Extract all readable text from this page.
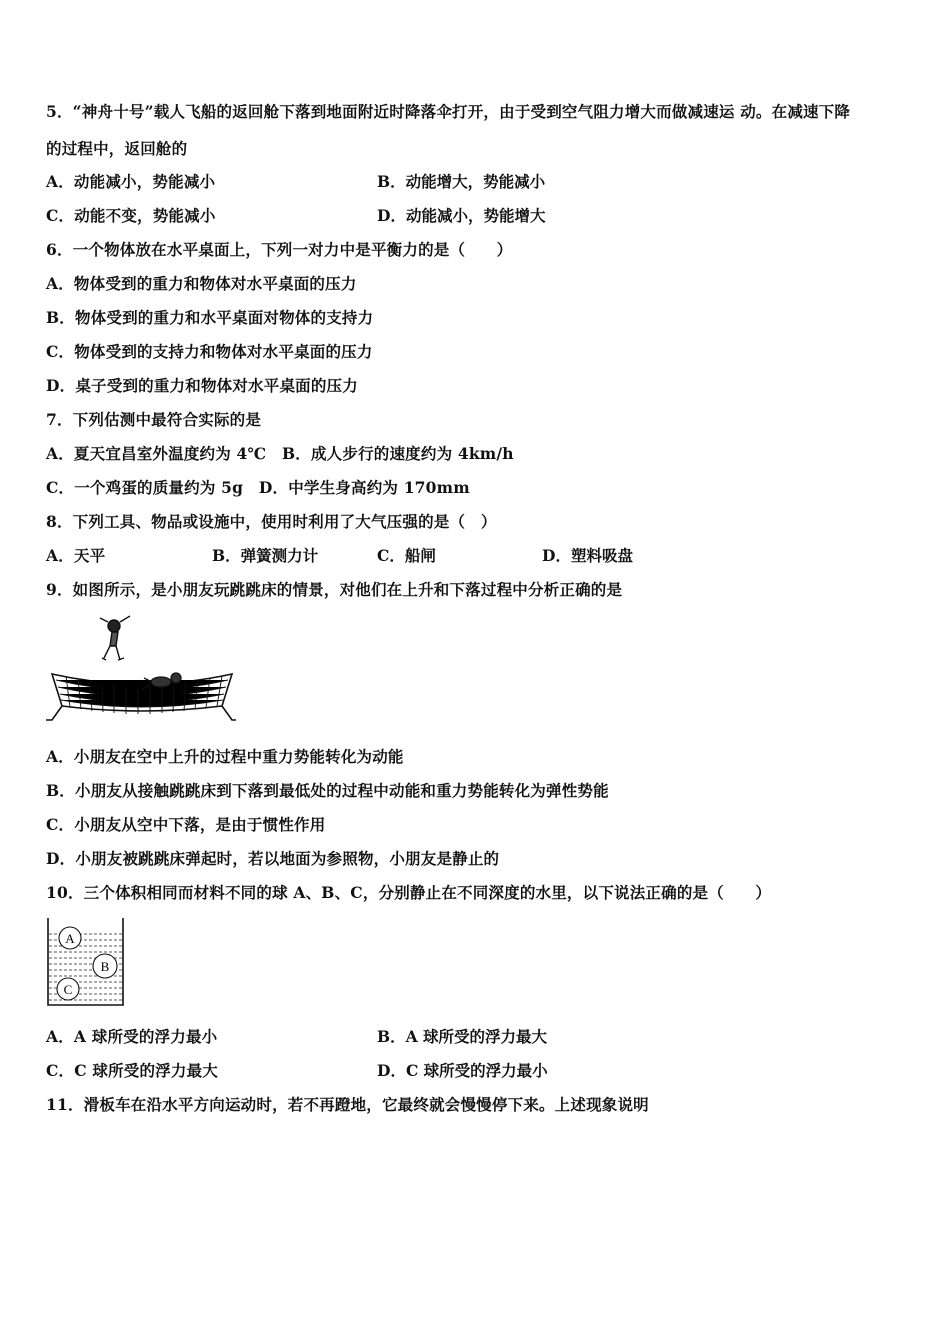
5．“神舟十号”载人飞船的返回舱下落到地面附近时降落伞打开，由于受到空气阻力增大而做减速运 动。在减速下降
的过程中，返回舱的
A．动能减小，势能减小	B．动能增大，势能减小
C．动能不变，势能减小	D．动能减小，势能增大
6．一个物体放在水平桌面上，下列一对力中是平衡力的是（　　）
A．物体受到的重力和物体对水平桌面的压力
B．物体受到的重力和水平桌面对物体的支持力
C．物体受到的支持力和物体对水平桌面的压力
D．桌子受到的重力和物体对水平桌面的压力
7．下列估测中最符合实际的是
A．夏天宜昌室外温度约为 4℃　B．成人步行的速度约为 4km/h
C．一个鸡蛋的质量约为 5g　D．中学生身高约为 170mm
8．下列工具、物品或设施中，使用时利用了大气压强的是（　）
A．天平	B．弹簧测力计	C．船闸	D．塑料吸盘
9．如图所示，是小朋友玩跳跳床的情景，对他们在上升和下落过程中分析正确的是
A．小朋友在空中上升的过程中重力势能转化为动能
B．小朋友从接触跳跳床到下落到最低处的过程中动能和重力势能转化为弹性势能
C．小朋友从空中下落，是由于惯性作用
D．小朋友被跳跳床弹起时，若以地面为参照物，小朋友是静止的
10．三个体积相同而材料不同的球 A、B、C，分别静止在不同深度的水里，以下说法正确的是（　　）
A
B
C
A．A 球所受的浮力最小	B．A 球所受的浮力最大
C．C 球所受的浮力最大	D．C 球所受的浮力最小
11．滑板车在沿水平方向运动时，若不再蹬地，它最终就会慢慢停下来。上述现象说明
